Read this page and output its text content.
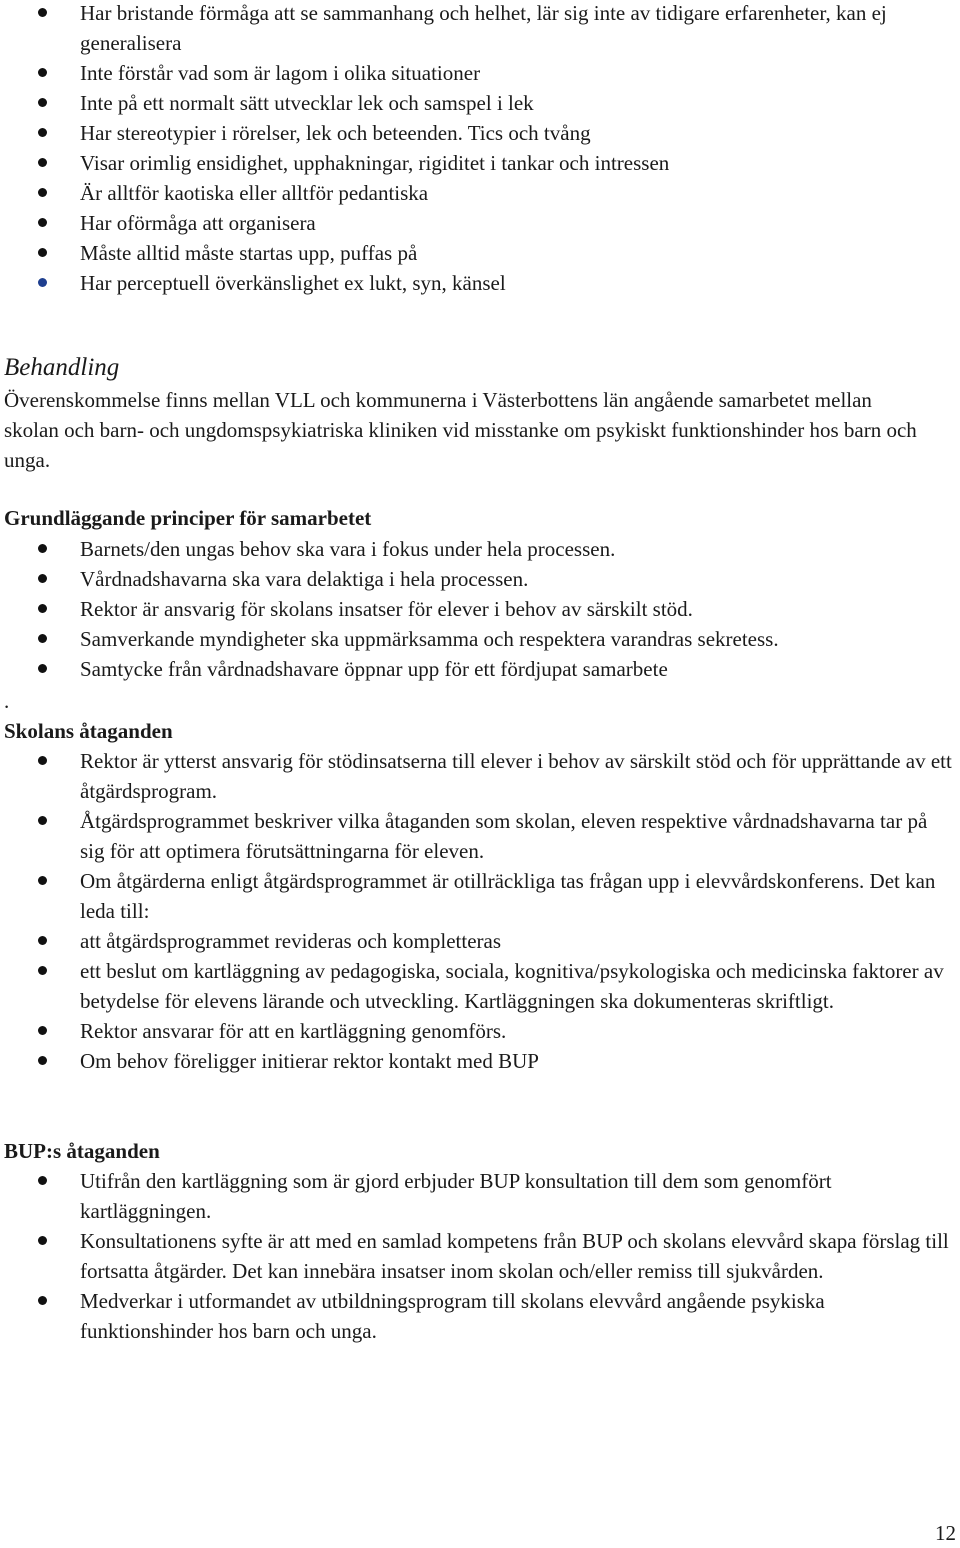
Har bristande förmåga att se sammanhang och helhet, lär sig inte av tidigare erfarenheter, kan ej generalisera
Inte förstår vad som är lagom i olika situationer
Inte på ett normalt sätt utvecklar lek och samspel i lek
Har stereotypier i rörelser, lek och beteenden. Tics och tvång
Visar orimlig ensidighet, upphakningar, rigiditet i tankar och intressen
Är alltför kaotiska eller alltför pedantiska
Har oförmåga att organisera
Måste alltid måste startas upp, puffas på
Har perceptuell överkänslighet ex lukt, syn, känsel
Behandling

Överenskommelse finns mellan VLL och kommunerna i Västerbottens län angående samarbetet mellan skolan och barn- och ungdomspsykiatriska kliniken vid misstanke om psykiskt funktionshinder hos barn och unga.

Grundläggande principer för samarbetet

Barnets/den ungas behov ska vara i fokus under hela processen.
Vårdnadshavarna ska vara delaktiga i hela processen.
Rektor är ansvarig för skolans insatser för elever i behov av särskilt stöd.
Samverkande myndigheter ska uppmärksamma och respektera varandras sekretess.
Samtycke från vårdnadshavare öppnar upp för ett fördjupat samarbete
.

Skolans åtaganden

Rektor är ytterst ansvarig för stödinsatserna till elever i behov av särskilt stöd och för upprättande av ett åtgärdsprogram.
Åtgärdsprogrammet beskriver vilka åtaganden som skolan, eleven respektive vårdnadshavarna tar på sig för att optimera förutsättningarna för eleven.
Om åtgärderna enligt åtgärdsprogrammet är otillräckliga tas frågan upp i elevvårdskonferens. Det kan leda till:
att åtgärdsprogrammet revideras och kompletteras
ett beslut om kartläggning av pedagogiska, sociala, kognitiva/psykologiska och medicinska faktorer av betydelse för elevens lärande och utveckling. Kartläggningen ska dokumenteras skriftligt.
Rektor ansvarar för att en kartläggning genomförs.
Om behov föreligger initierar rektor kontakt med BUP

BUP:s åtaganden

Utifrån den kartläggning som är gjord erbjuder BUP konsultation till dem som genomfört kartläggningen.
Konsultationens syfte är att med en samlad kompetens från BUP och skolans elevvård skapa förslag till fortsatta åtgärder. Det kan innebära insatser inom skolan och/eller remiss till sjukvården.
Medverkar i utformandet av utbildningsprogram till skolans elevvård angående psykiska funktionshinder hos barn och unga.
12
